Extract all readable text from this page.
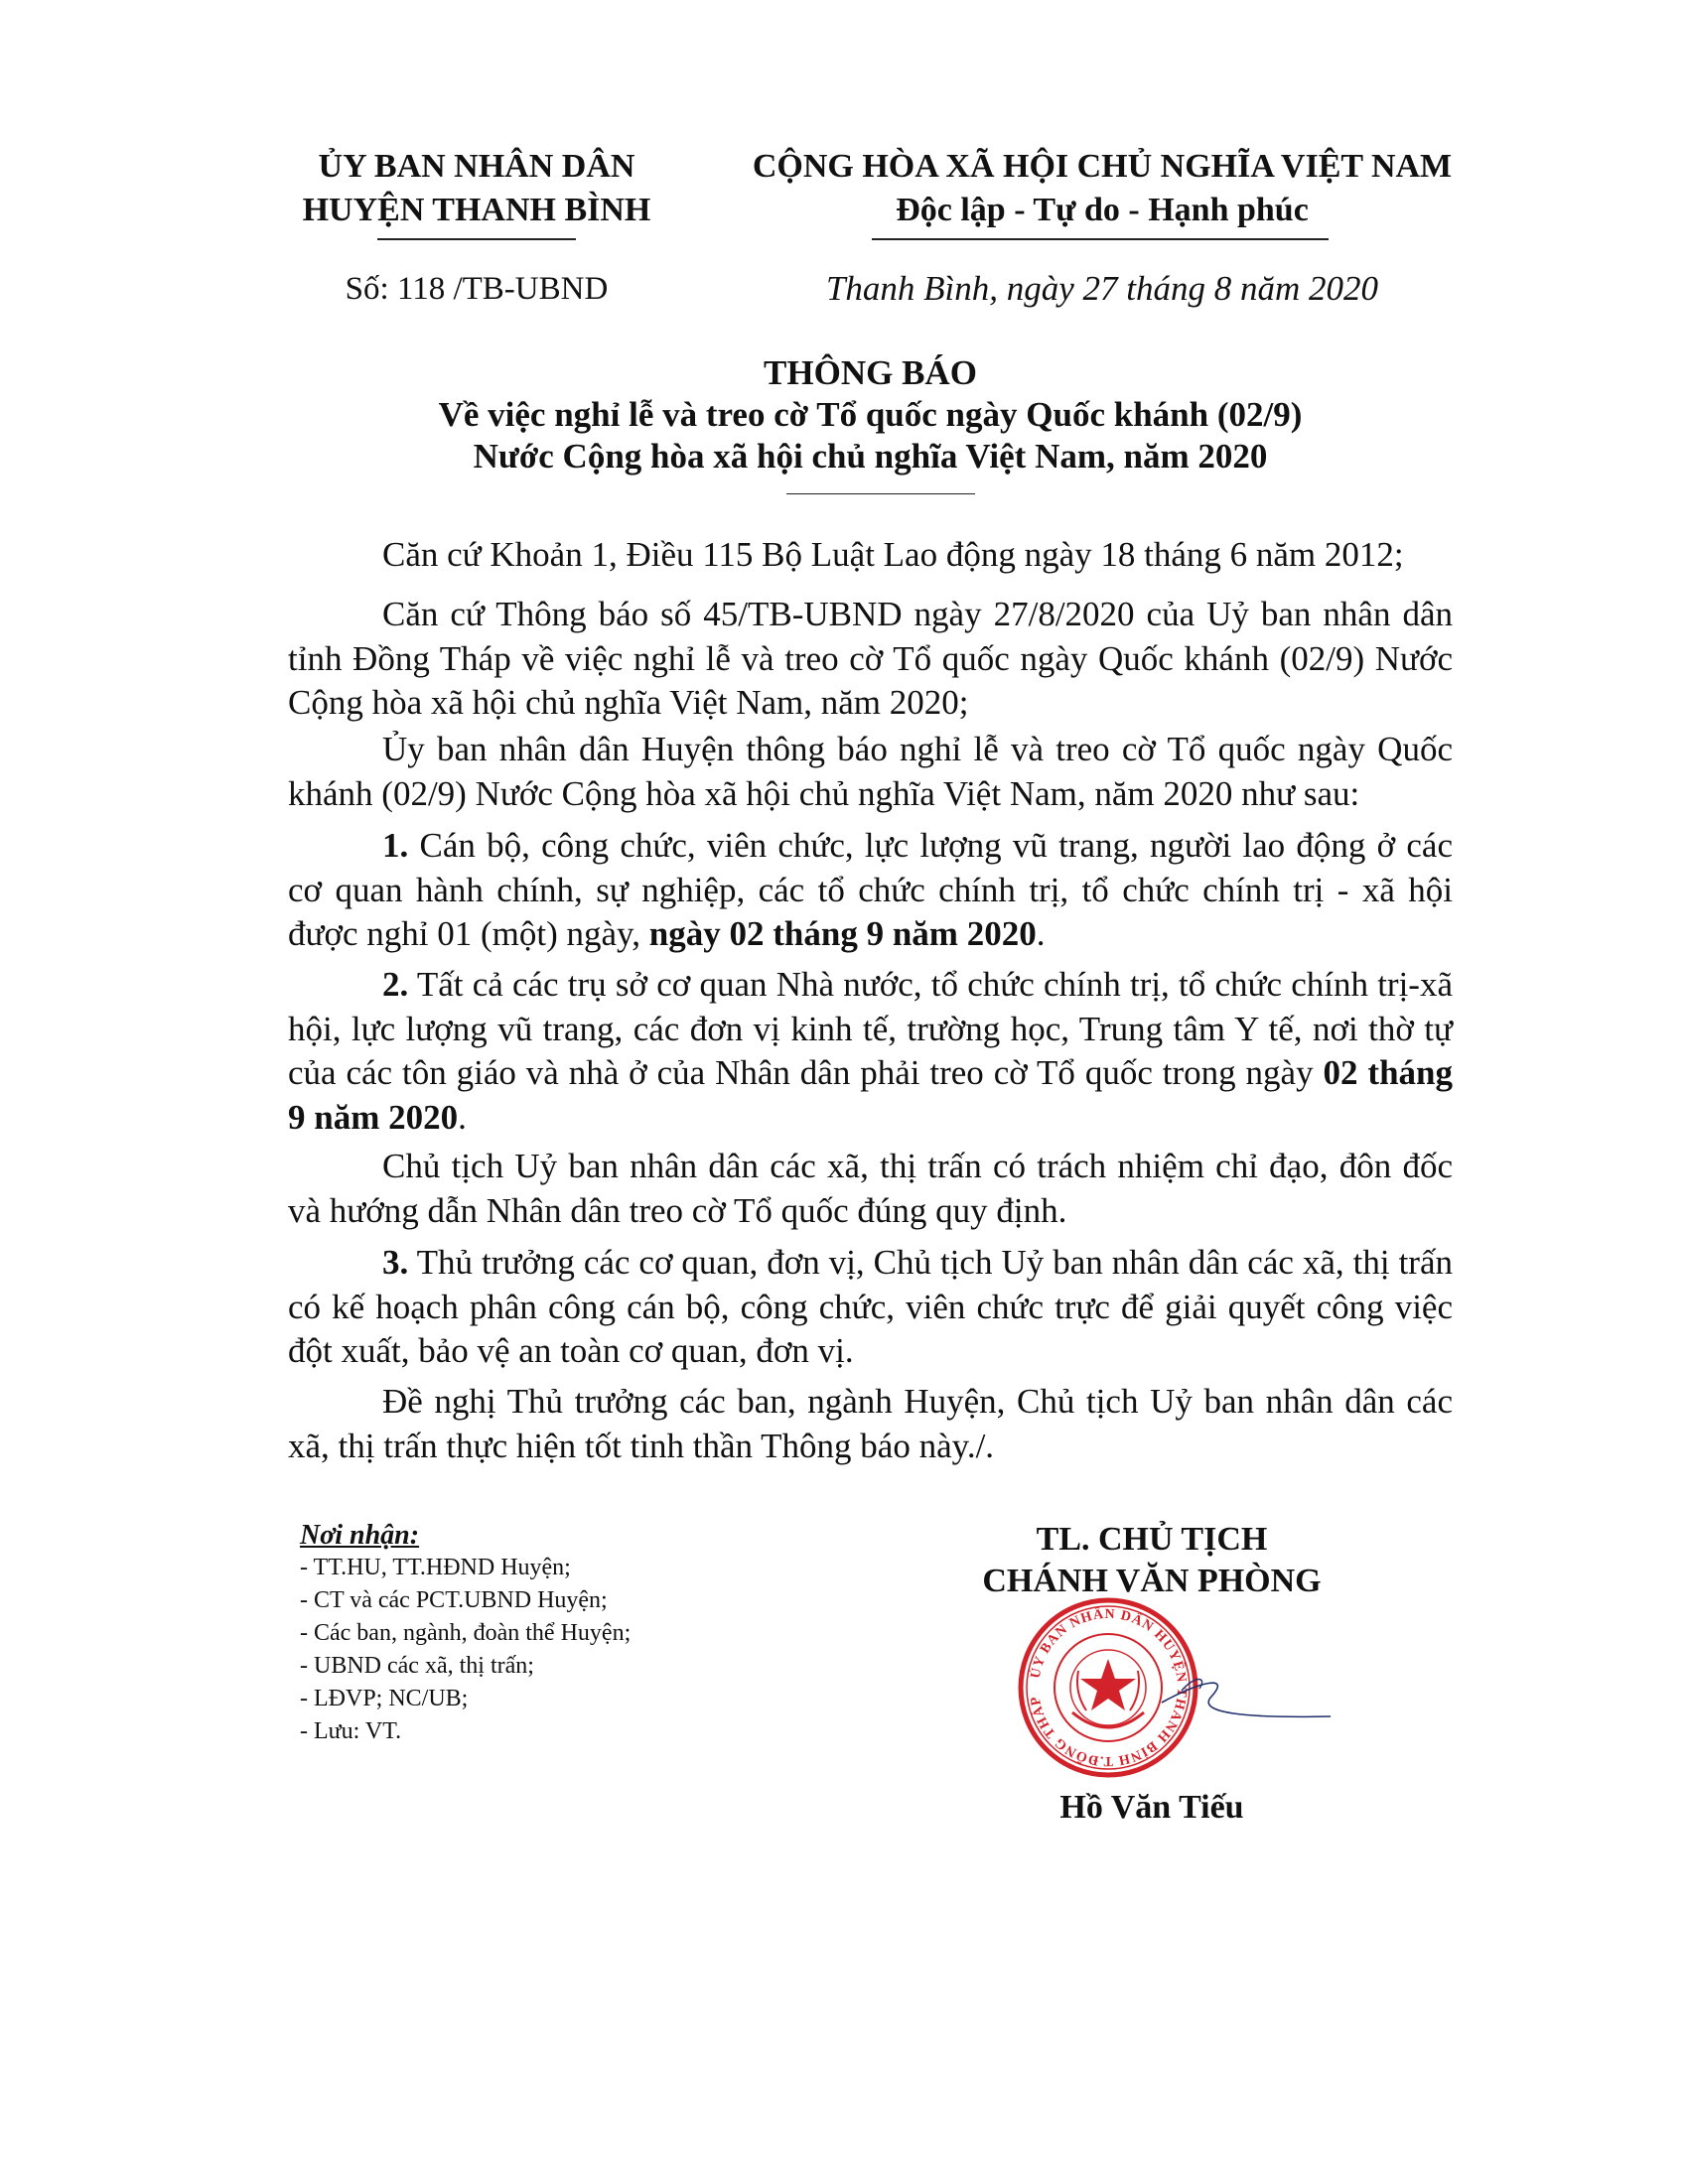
ỦY BAN NHÂN DÂN
HUYỆN THANH BÌNH
Số: 118 /TB-UBND
CỘNG HÒA XÃ HỘI CHỦ NGHĨA VIỆT NAM
Độc lập - Tự do - Hạnh phúc
Thanh Bình, ngày 27 tháng 8 năm 2020
THÔNG BÁO
Về việc nghỉ lễ và treo cờ Tổ quốc ngày Quốc khánh (02/9)
Nước Cộng hòa xã hội chủ nghĩa Việt Nam, năm 2020

Căn cứ Khoản 1, Điều 115 Bộ Luật Lao động ngày 18 tháng 6 năm 2012;

Căn cứ Thông báo số 45/TB-UBND ngày 27/8/2020 của Uỷ ban nhân dân tỉnh Đồng Tháp về việc nghỉ lễ và treo cờ Tổ quốc ngày Quốc khánh (02/9) Nước Cộng hòa xã hội chủ nghĩa Việt Nam, năm 2020;

Ủy ban nhân dân Huyện thông báo nghỉ lễ và treo cờ Tổ quốc ngày Quốc khánh (02/9) Nước Cộng hòa xã hội chủ nghĩa Việt Nam, năm 2020 như sau:

1. Cán bộ, công chức, viên chức, lực lượng vũ trang, người lao động ở các cơ quan hành chính, sự nghiệp, các tổ chức chính trị, tổ chức chính trị - xã hội được nghỉ 01 (một) ngày, ngày 02 tháng 9 năm 2020.

2. Tất cả các trụ sở cơ quan Nhà nước, tổ chức chính trị, tổ chức chính trị-xã hội, lực lượng vũ trang, các đơn vị kinh tế, trường học, Trung tâm Y tế, nơi thờ tự của các tôn giáo và nhà ở của Nhân dân phải treo cờ Tổ quốc trong ngày 02 tháng 9 năm 2020.

Chủ tịch Uỷ ban nhân dân các xã, thị trấn có trách nhiệm chỉ đạo, đôn đốc và hướng dẫn Nhân dân treo cờ Tổ quốc đúng quy định.

3. Thủ trưởng các cơ quan, đơn vị, Chủ tịch Uỷ ban nhân dân các xã, thị trấn có kế hoạch phân công cán bộ, công chức, viên chức trực để giải quyết công việc đột xuất, bảo vệ an toàn cơ quan, đơn vị.

Đề nghị Thủ trưởng các ban, ngành Huyện, Chủ tịch Uỷ ban nhân dân các xã, thị trấn thực hiện tốt tinh thần Thông báo này./.

Nơi nhận:
- TT.HU, TT.HĐND Huyện;
- CT và các PCT.UBND Huyện;
- Các ban, ngành, đoàn thể Huyện;
- UBND các xã, thị trấn;
- LĐVP; NC/UB;
- Lưu: VT.
TL. CHỦ TỊCH
CHÁNH VĂN PHÒNG
ỦY BAN NHÂN DÂN HUYỆN THANH BÌNH T.ĐỒNG THÁP
Hồ Văn Tiếu
